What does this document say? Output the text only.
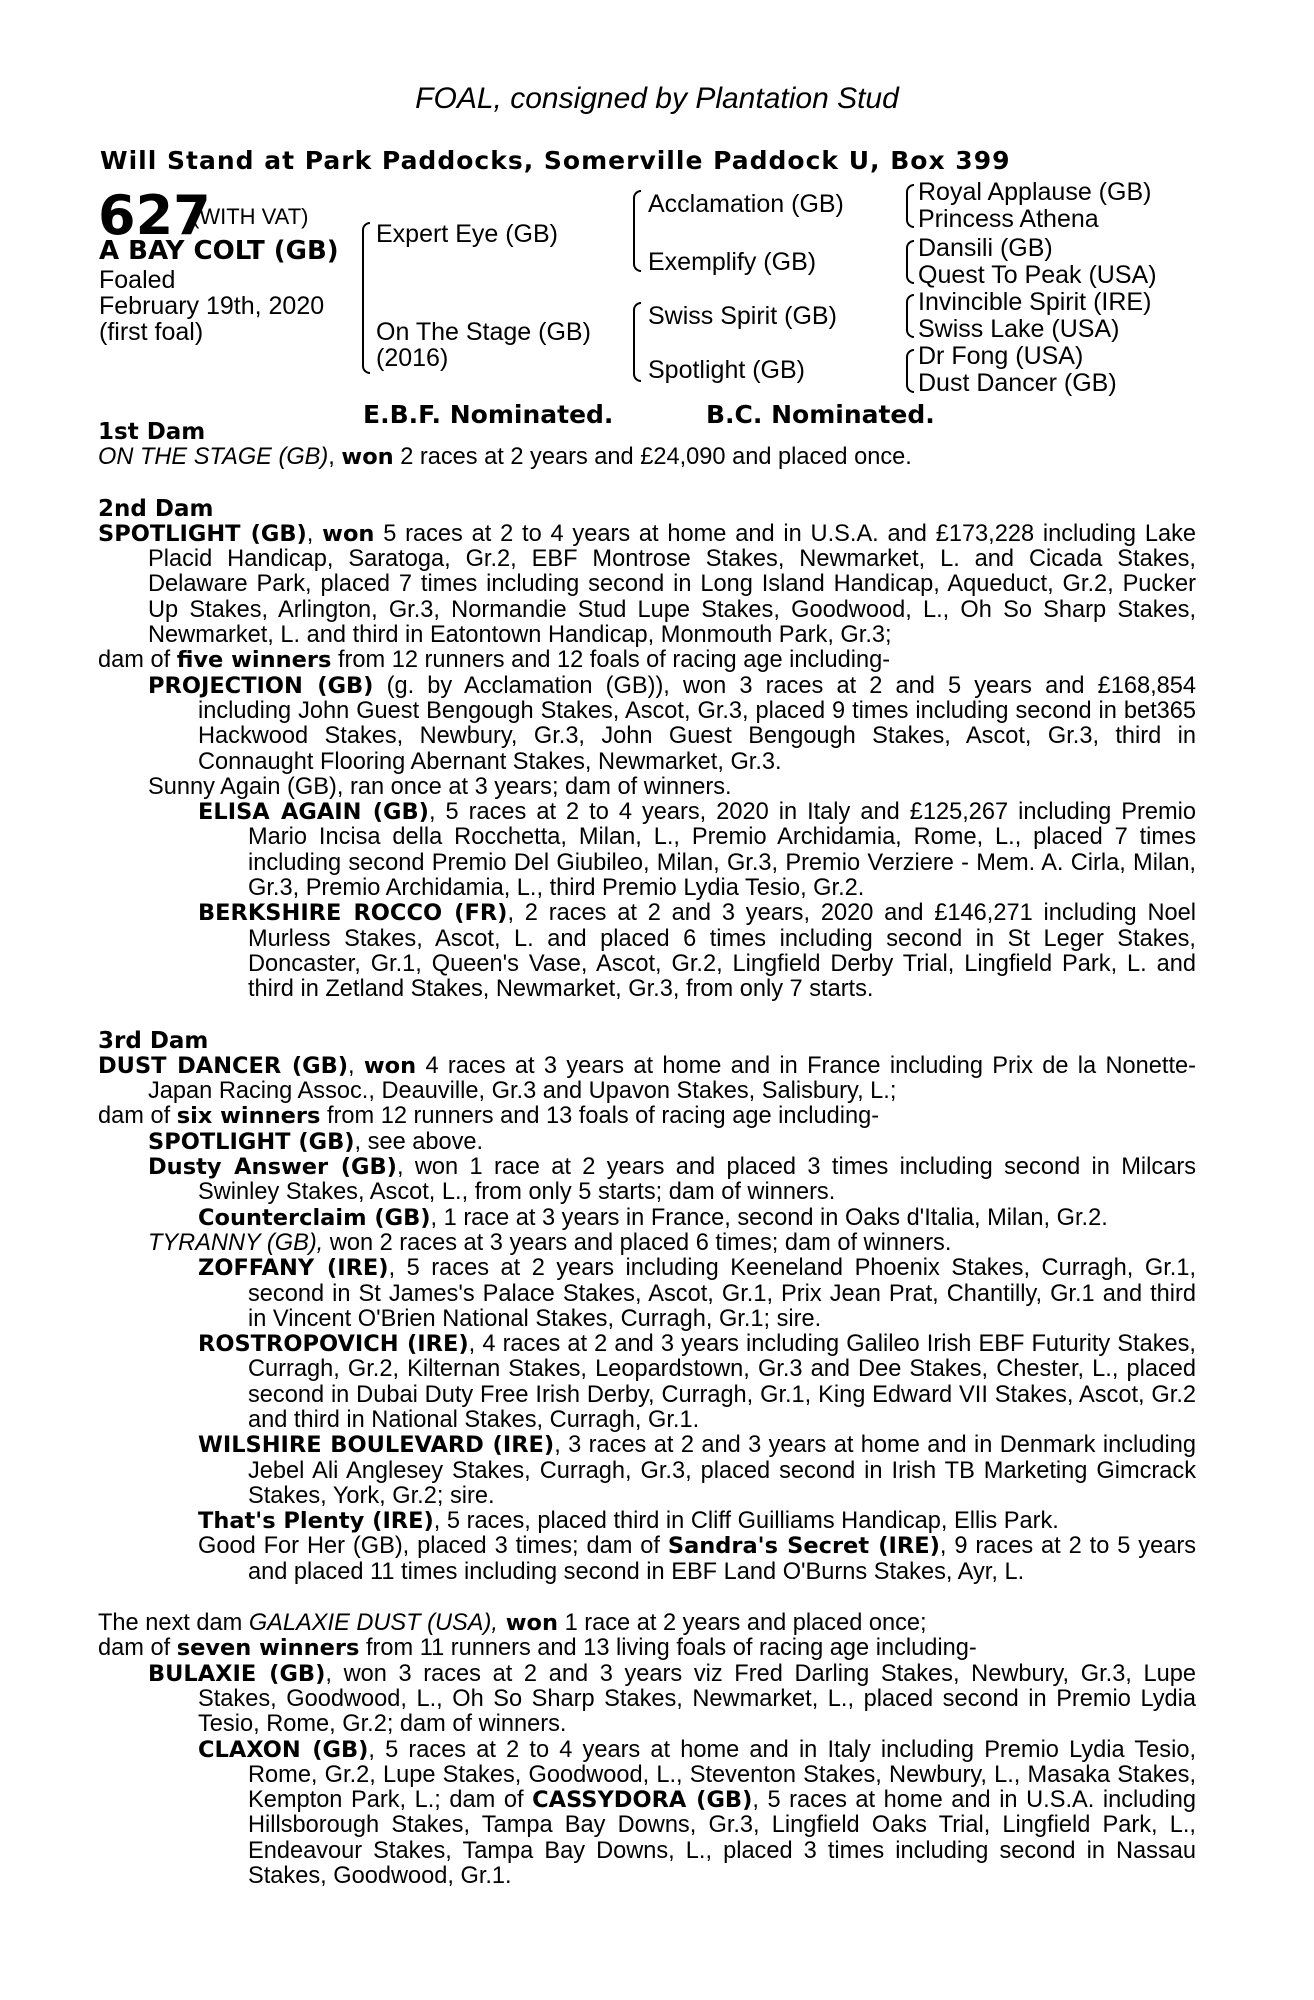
FOAL, consigned by Plantation Stud
Will Stand at Park Paddocks, Somerville Paddock U, Box 399
627
(WITH VAT)
A BAY COLT (GB)
Foaled
February 19th, 2020
(first foal)
Expert Eye (GB)
On The Stage (GB)
(2016)
Acclamation (GB)
Exemplify (GB)
Swiss Spirit (GB)
Spotlight (GB)
Royal Applause (GB)
Princess Athena
Dansili (GB)
Quest To Peak (USA)
Invincible Spirit (IRE)
Swiss Lake (USA)
Dr Fong (USA)
Dust Dancer (GB)
E.B.F. Nominated.	B.C. Nominated.

1st Dam

ON THE STAGE (GB), won 2 races at 2 years and £24,090 and placed once.

2nd Dam

SPOTLIGHT (GB), won 5 races at 2 to 4 years at home and in U.S.A. and £173,228 including Lake Placid Handicap, Saratoga, Gr.2, EBF Montrose Stakes, Newmarket, L. and Cicada Stakes, Delaware Park, placed 7 times including second in Long Island Handicap, Aqueduct, Gr.2, Pucker Up Stakes, Arlington, Gr.3, Normandie Stud Lupe Stakes, Goodwood, L., Oh So Sharp Stakes, Newmarket, L. and third in Eatontown Handicap, Monmouth Park, Gr.3;

dam of five winners from 12 runners and 12 foals of racing age including-

PROJECTION (GB) (g. by Acclamation (GB)), won 3 races at 2 and 5 years and £168,854 including John Guest Bengough Stakes, Ascot, Gr.3, placed 9 times including second in bet365 Hackwood Stakes, Newbury, Gr.3, John Guest Bengough Stakes, Ascot, Gr.3, third in Connaught Flooring Abernant Stakes, Newmarket, Gr.3.

Sunny Again (GB), ran once at 3 years; dam of winners.

ELISA AGAIN (GB), 5 races at 2 to 4 years, 2020 in Italy and £125,267 including Premio Mario Incisa della Rocchetta, Milan, L., Premio Archidamia, Rome, L., placed 7 times including second Premio Del Giubileo, Milan, Gr.3, Premio Verziere - Mem. A. Cirla, Milan, Gr.3, Premio Archidamia, L., third Premio Lydia Tesio, Gr.2.

BERKSHIRE ROCCO (FR), 2 races at 2 and 3 years, 2020 and £146,271 including Noel Murless Stakes, Ascot, L. and placed 6 times including second in St Leger Stakes, Doncaster, Gr.1, Queen's Vase, Ascot, Gr.2, Lingfield Derby Trial, Lingfield Park, L. and third in Zetland Stakes, Newmarket, Gr.3, from only 7 starts.

3rd Dam

DUST DANCER (GB), won 4 races at 3 years at home and in France including Prix de la Nonette-Japan Racing Assoc., Deauville, Gr.3 and Upavon Stakes, Salisbury, L.;

dam of six winners from 12 runners and 13 foals of racing age including-

SPOTLIGHT (GB), see above.

Dusty Answer (GB), won 1 race at 2 years and placed 3 times including second in Milcars Swinley Stakes, Ascot, L., from only 5 starts; dam of winners.

Counterclaim (GB), 1 race at 3 years in France, second in Oaks d'Italia, Milan, Gr.2.

TYRANNY (GB), won 2 races at 3 years and placed 6 times; dam of winners.

ZOFFANY (IRE), 5 races at 2 years including Keeneland Phoenix Stakes, Curragh, Gr.1, second in St James's Palace Stakes, Ascot, Gr.1, Prix Jean Prat, Chantilly, Gr.1 and third in Vincent O'Brien National Stakes, Curragh, Gr.1; sire.

ROSTROPOVICH (IRE), 4 races at 2 and 3 years including Galileo Irish EBF Futurity Stakes, Curragh, Gr.2, Kilternan Stakes, Leopardstown, Gr.3 and Dee Stakes, Chester, L., placed second in Dubai Duty Free Irish Derby, Curragh, Gr.1, King Edward VII Stakes, Ascot, Gr.2 and third in National Stakes, Curragh, Gr.1.

WILSHIRE BOULEVARD (IRE), 3 races at 2 and 3 years at home and in Denmark including Jebel Ali Anglesey Stakes, Curragh, Gr.3, placed second in Irish TB Marketing Gimcrack Stakes, York, Gr.2; sire.

That's Plenty (IRE), 5 races, placed third in Cliff Guilliams Handicap, Ellis Park.

Good For Her (GB), placed 3 times; dam of Sandra's Secret (IRE), 9 races at 2 to 5 years and placed 11 times including second in EBF Land O'Burns Stakes, Ayr, L.

The next dam GALAXIE DUST (USA), won 1 race at 2 years and placed once;

dam of seven winners from 11 runners and 13 living foals of racing age including-

BULAXIE (GB), won 3 races at 2 and 3 years viz Fred Darling Stakes, Newbury, Gr.3, Lupe Stakes, Goodwood, L., Oh So Sharp Stakes, Newmarket, L., placed second in Premio Lydia Tesio, Rome, Gr.2; dam of winners.

CLAXON (GB), 5 races at 2 to 4 years at home and in Italy including Premio Lydia Tesio, Rome, Gr.2, Lupe Stakes, Goodwood, L., Steventon Stakes, Newbury, L., Masaka Stakes, Kempton Park, L.; dam of CASSYDORA (GB), 5 races at home and in U.S.A. including Hillsborough Stakes, Tampa Bay Downs, Gr.3, Lingfield Oaks Trial, Lingfield Park, L., Endeavour Stakes, Tampa Bay Downs, L., placed 3 times including second in Nassau Stakes, Goodwood, Gr.1.
